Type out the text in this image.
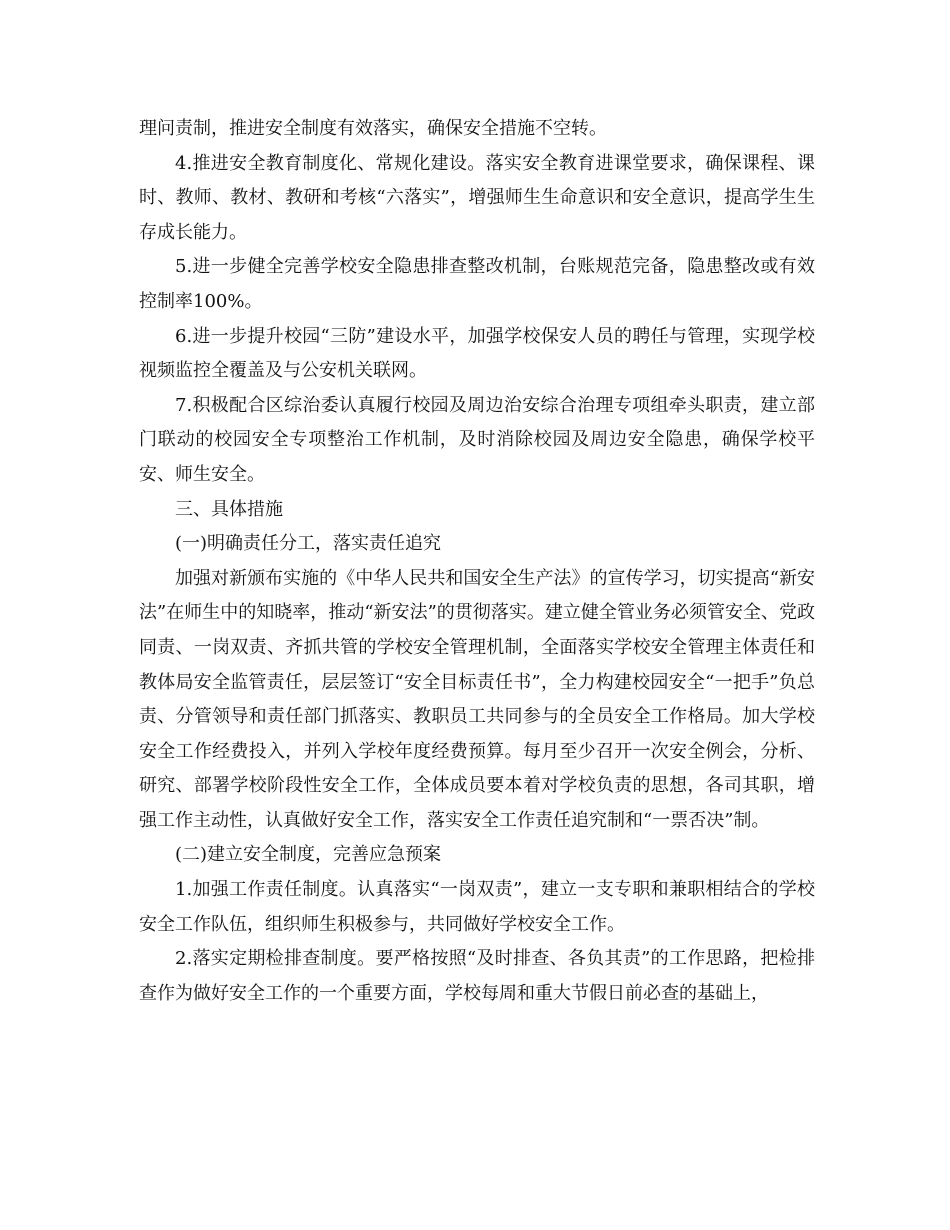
理问责制，推进安全制度有效落实，确保安全措施不空转。

4.推进安全教育制度化、常规化建设。落实安全教育进课堂要求，确保课程、课时、教师、教材、教研和考核“六落实”，增强师生生命意识和安全意识，提高学生生存成长能力。

5.进一步健全完善学校安全隐患排查整改机制，台账规范完备，隐患整改或有效控制率100%。

6.进一步提升校园“三防”建设水平，加强学校保安人员的聘任与管理，实现学校视频监控全覆盖及与公安机关联网。

7.积极配合区综治委认真履行校园及周边治安综合治理专项组牵头职责，建立部门联动的校园安全专项整治工作机制，及时消除校园及周边安全隐患，确保学校平安、师生安全。

三、具体措施

(一)明确责任分工，落实责任追究

加强对新颁布实施的《中华人民共和国安全生产法》的宣传学习，切实提高“新安法”在师生中的知晓率，推动“新安法”的贯彻落实。建立健全管业务必须管安全、党政同责、一岗双责、齐抓共管的学校安全管理机制，全面落实学校安全管理主体责任和教体局安全监管责任，层层签订“安全目标责任书”，全力构建校园安全“一把手”负总责、分管领导和责任部门抓落实、教职员工共同参与的全员安全工作格局。加大学校安全工作经费投入，并列入学校年度经费预算。每月至少召开一次安全例会，分析、研究、部署学校阶段性安全工作，全体成员要本着对学校负责的思想，各司其职，增强工作主动性，认真做好安全工作，落实安全工作责任追究制和“一票否决”制。

(二)建立安全制度，完善应急预案

1.加强工作责任制度。认真落实“一岗双责”，建立一支专职和兼职相结合的学校安全工作队伍，组织师生积极参与，共同做好学校安全工作。

2.落实定期检排查制度。要严格按照“及时排查、各负其责”的工作思路，把检排查作为做好安全工作的一个重要方面，学校每周和重大节假日前必查的基础上，
